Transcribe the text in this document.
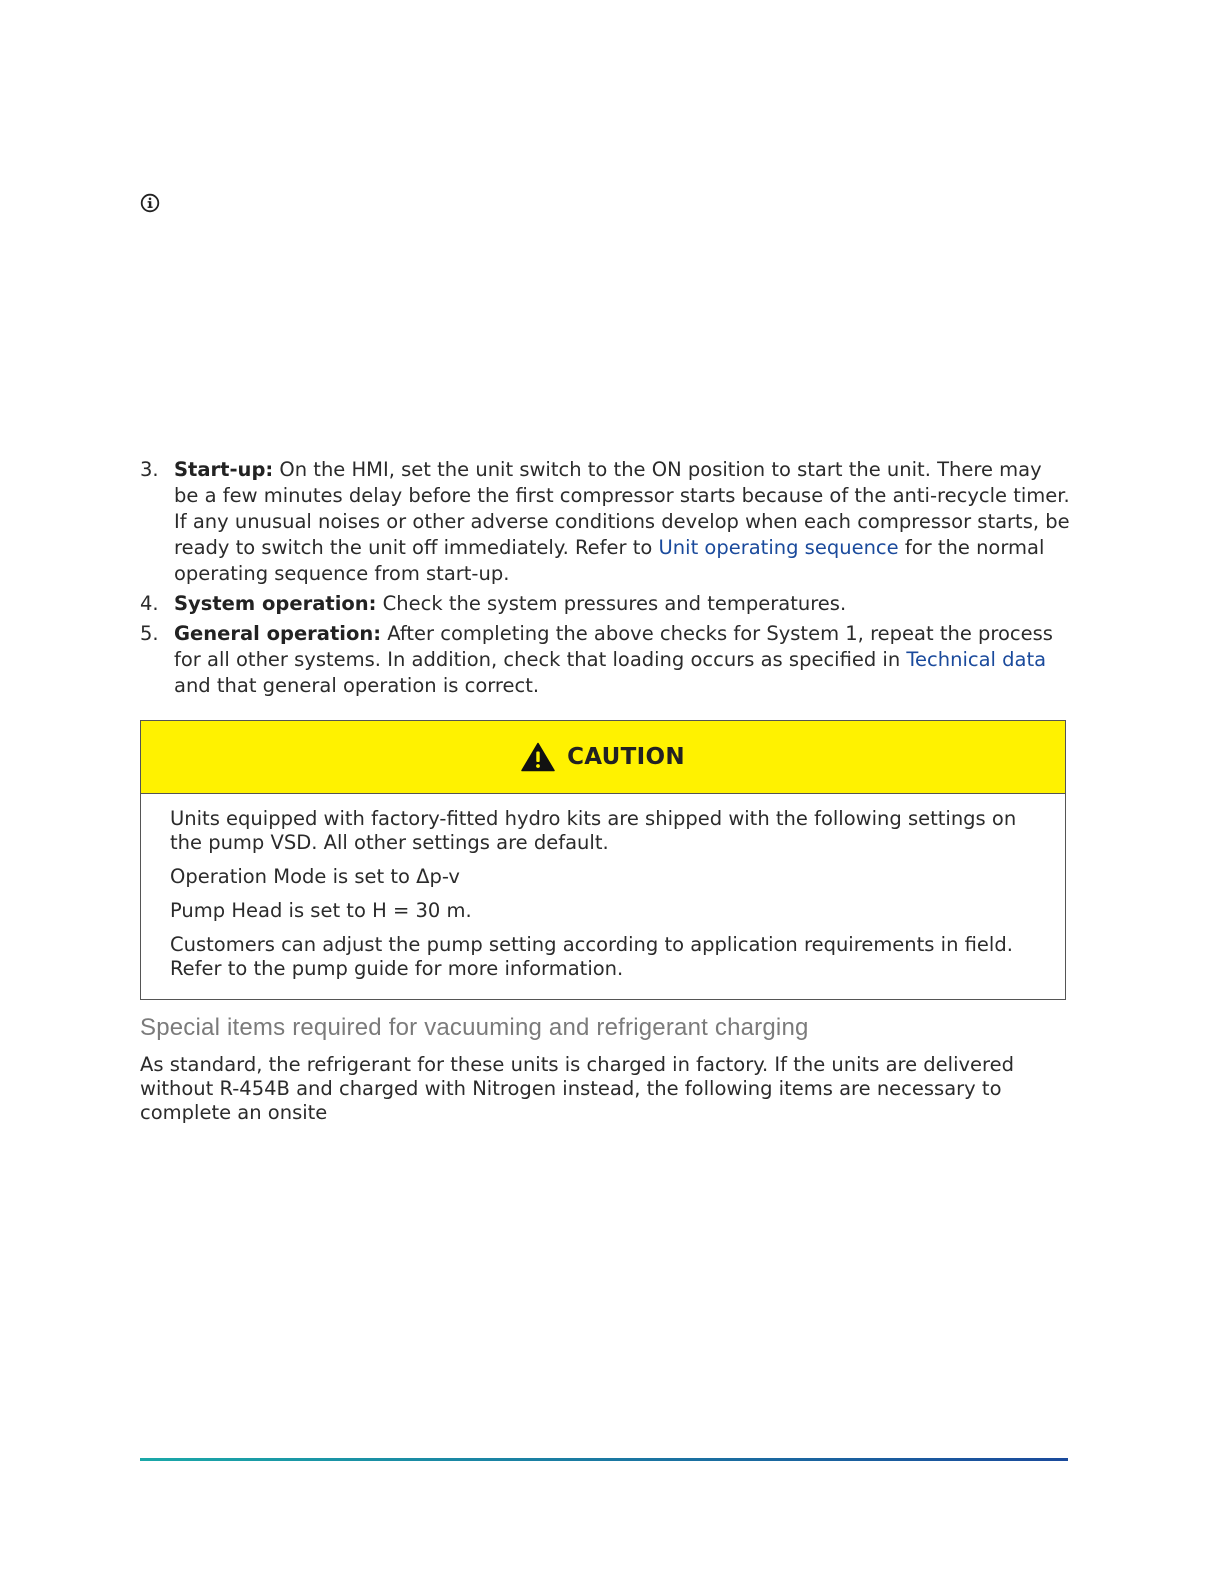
3. Start-up: On the HMI, set the unit switch to the ON position to start the unit. There may be a few minutes delay before the first compressor starts because of the anti-recycle timer. If any unusual noises or other adverse conditions develop when each compressor starts, be ready to switch the unit off immediately. Refer to Unit operating sequence for the normal operating sequence from start-up.
4. System operation: Check the system pressures and temperatures.
5. General operation: After completing the above checks for System 1, repeat the process for all other systems. In addition, check that loading occurs as specified in Technical data and that general operation is correct.
CAUTION

Units equipped with factory-fitted hydro kits are shipped with the following settings on the pump VSD. All other settings are default.

Operation Mode is set to Δp-v

Pump Head is set to H = 30 m.

Customers can adjust the pump setting according to application requirements in field. Refer to the pump guide for more information.

Special items required for vacuuming and refrigerant charging

As standard, the refrigerant for these units is charged in factory. If the units are delivered without R-454B and charged with Nitrogen instead, the following items are necessary to complete an onsite
